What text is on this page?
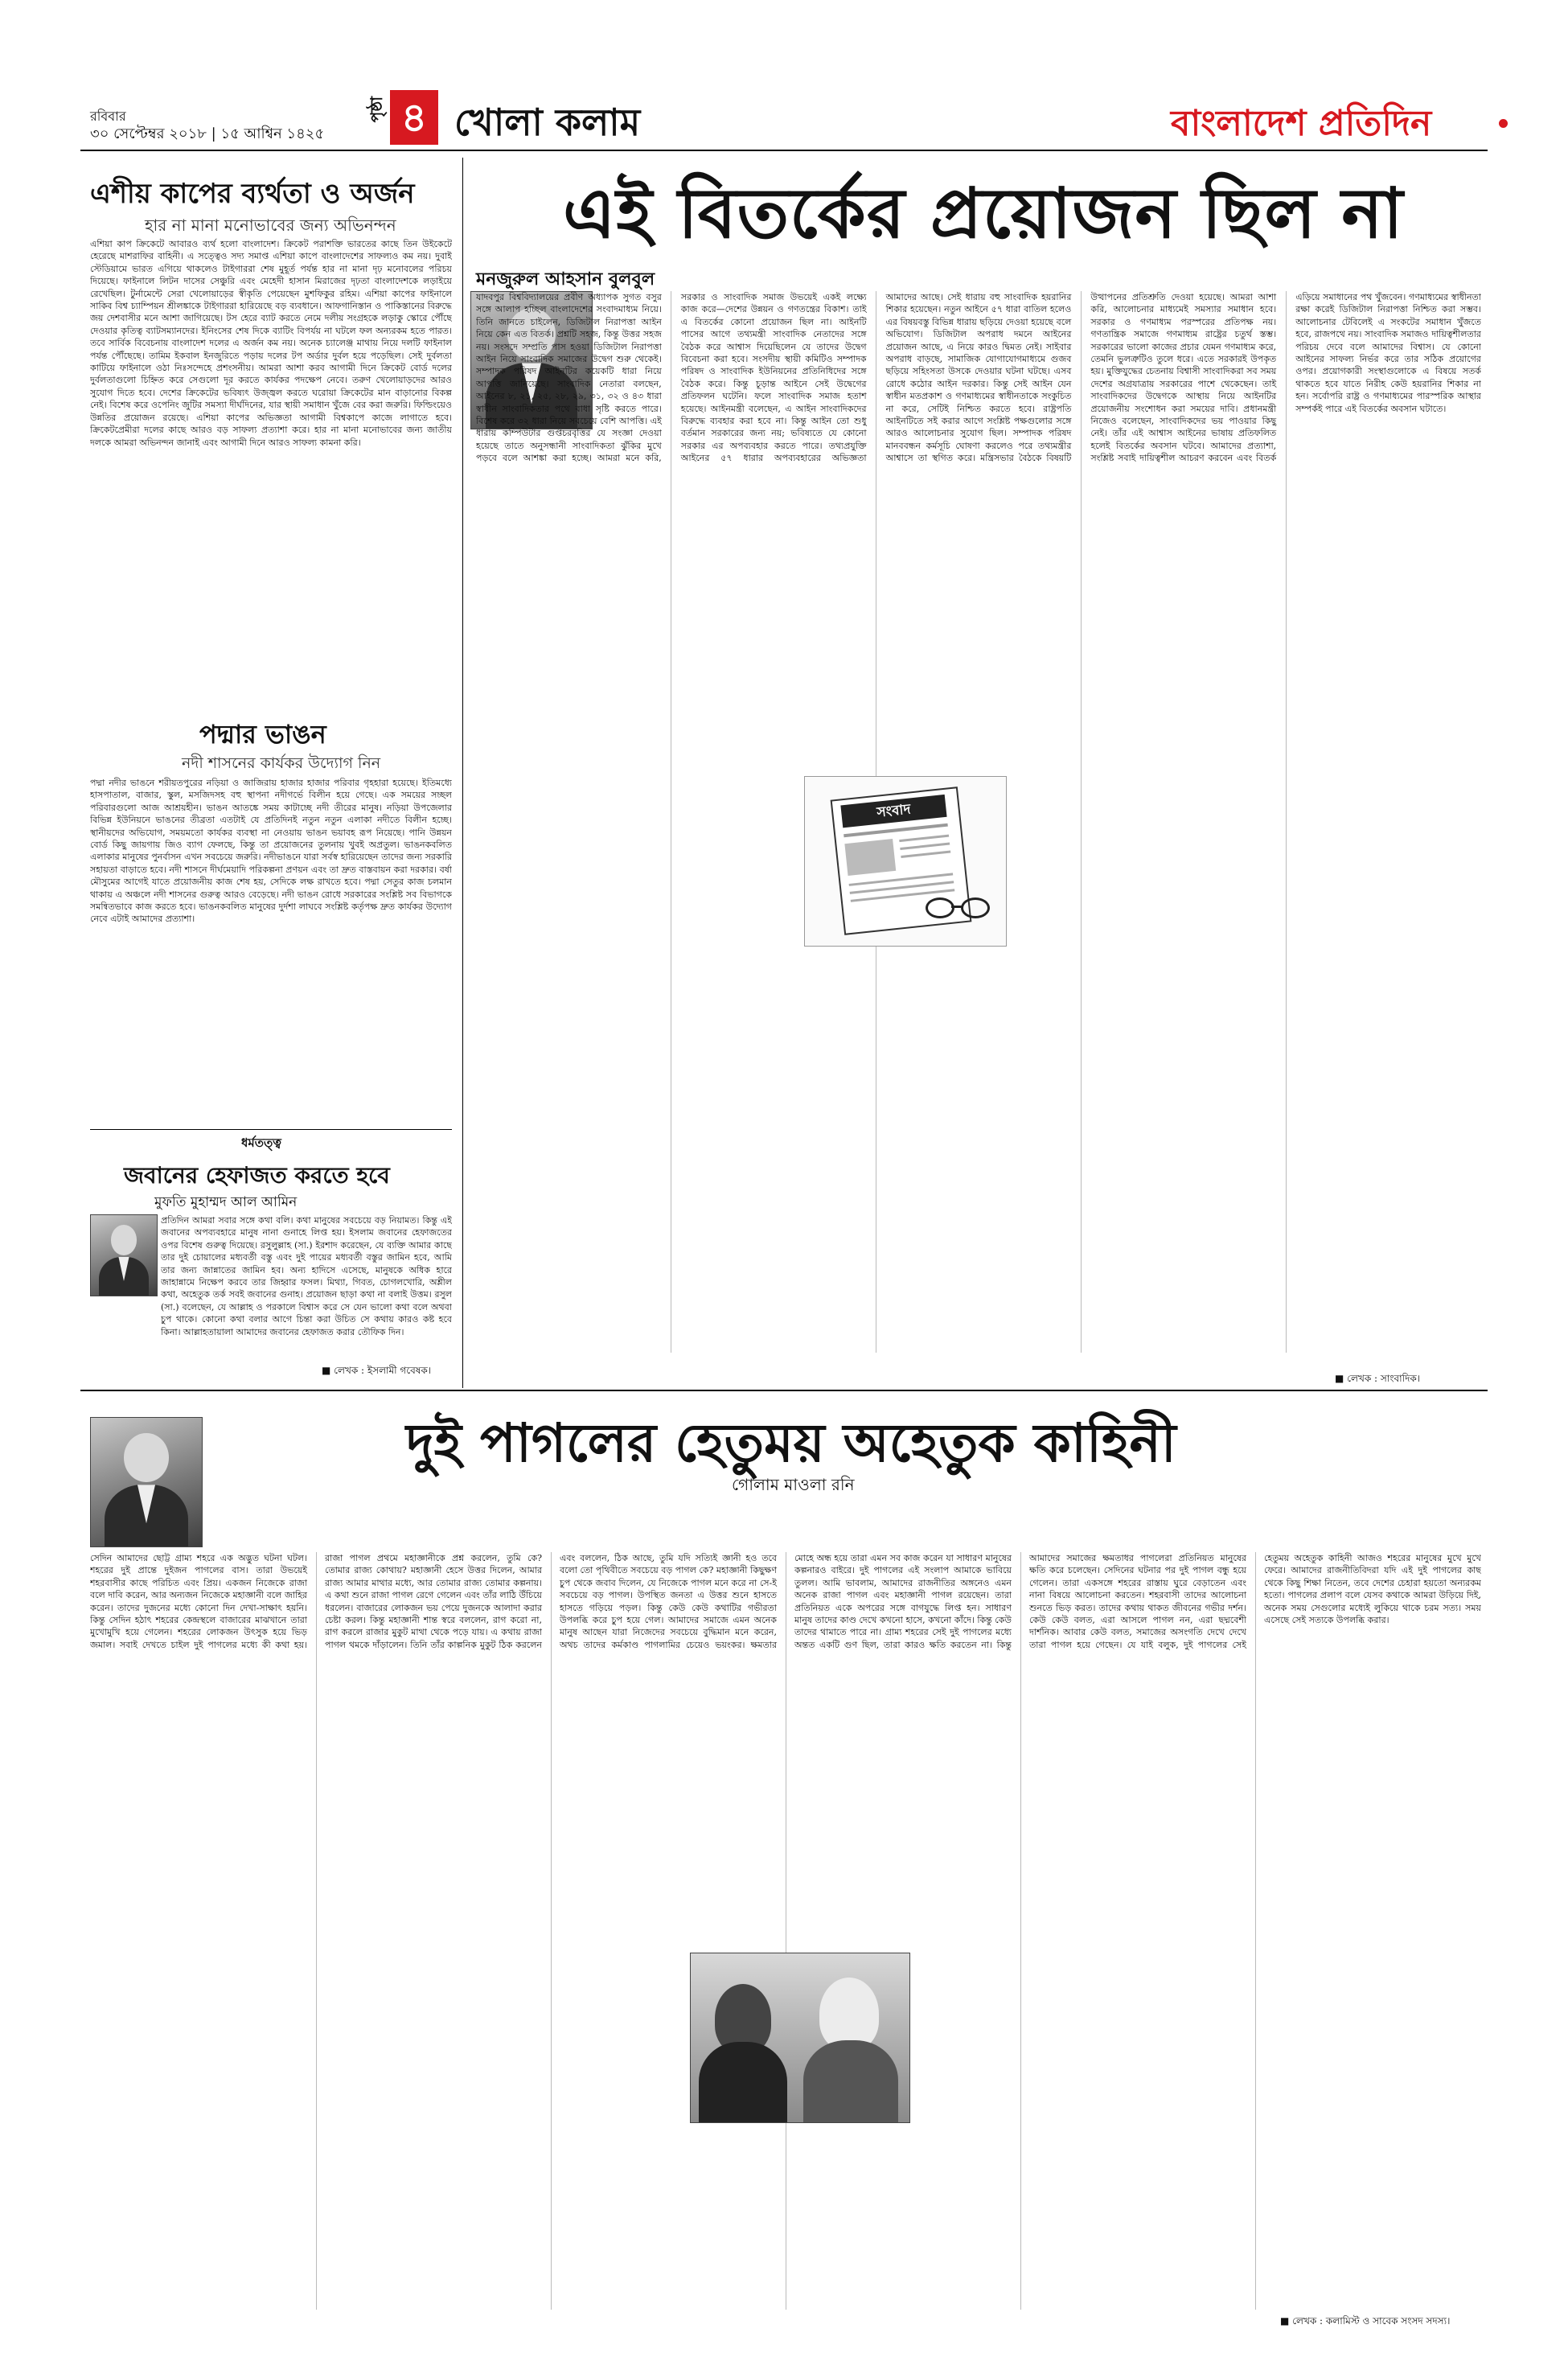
রবিবার
৩০ সেপ্টেম্বর ২০১৮ | ১৫ আশ্বিন ১৪২৫
পৃষ্ঠা ৪ খোলা কলাম	বাংলাদেশ প্রতিদিন
এশীয় কাপের ব্যর্থতা ও অর্জন
হার না মানা মনোভাবের জন্য অভিনন্দন
এশিয়া কাপ ক্রিকেটে আবারও ব্যর্থ হলো বাংলাদেশ। ক্রিকেট পরাশক্তি ভারতের কাছে তিন উইকেটে হেরেছে মাশরাফির বাহিনী। এ সত্ত্বেও সদ্য সমাপ্ত এশিয়া কাপে বাংলাদেশের সাফল্যও কম নয়। দুবাই স্টেডিয়ামে ভারত এগিয়ে থাকলেও টাইগাররা শেষ মুহূর্ত পর্যন্ত হার না মানা দৃঢ় মনোবলের পরিচয় দিয়েছে। ফাইনালে লিটন দাসের সেঞ্চুরি এবং মেহেদী হাসান মিরাজের দৃঢ়তা বাংলাদেশকে লড়াইয়ে রেখেছিল। টুর্নামেন্টে সেরা খেলোয়াড়ের স্বীকৃতি পেয়েছেন মুশফিকুর রহিম। এশিয়া কাপের ফাইনালে সাকিব বিশ্ব চ্যাম্পিয়ন শ্রীলঙ্কাকে টাইগাররা হারিয়েছে বড় ব্যবধানে। আফগানিস্তান ও পাকিস্তানের বিরুদ্ধে জয় দেশবাসীর মনে আশা জাগিয়েছে। টস হেরে ব্যাট করতে নেমে দলীয় সংগ্রহকে লড়াকু স্কোরে পৌঁছে দেওয়ার কৃতিত্ব ব্যাটসম্যানদের। ইনিংসের শেষ দিকে ব্যাটিং বিপর্যয় না ঘটলে ফল অন্যরকম হতে পারত। তবে সার্বিক বিবেচনায় বাংলাদেশ দলের এ অর্জন কম নয়। অনেক চ্যালেঞ্জ মাথায় নিয়ে দলটি ফাইনাল পর্যন্ত পৌঁছেছে। তামিম ইকবাল ইনজুরিতে পড়ায় দলের টপ অর্ডার দুর্বল হয়ে পড়েছিল। সেই দুর্বলতা কাটিয়ে ফাইনালে ওঠা নিঃসন্দেহে প্রশংসনীয়। আমরা আশা করব আগামী দিনে ক্রিকেট বোর্ড দলের দুর্বলতাগুলো চিহ্নিত করে সেগুলো দূর করতে কার্যকর পদক্ষেপ নেবে। তরুণ খেলোয়াড়দের আরও সুযোগ দিতে হবে। দেশের ক্রিকেটের ভবিষ্যৎ উজ্জ্বল করতে ঘরোয়া ক্রিকেটের মান বাড়ানোর বিকল্প নেই। বিশেষ করে ওপেনিং জুটির সমস্যা দীর্ঘদিনের, যার স্থায়ী সমাধান খুঁজে বের করা জরুরি। ফিল্ডিংয়েও উন্নতির প্রয়োজন রয়েছে। এশিয়া কাপের অভিজ্ঞতা আগামী বিশ্বকাপে কাজে লাগাতে হবে। ক্রিকেটপ্রেমীরা দলের কাছে আরও বড় সাফল্য প্রত্যাশা করে। হার না মানা মনোভাবের জন্য জাতীয় দলকে আমরা অভিনন্দন জানাই এবং আগামী দিনে আরও সাফল্য কামনা করি।
পদ্মার ভাঙন
নদী শাসনের কার্যকর উদ্যোগ নিন
পদ্মা নদীর ভাঙনে শরীয়তপুরের নড়িয়া ও জাজিরায় হাজার হাজার পরিবার গৃহহারা হয়েছে। ইতিমধ্যে হাসপাতাল, বাজার, স্কুল, মসজিদসহ বহু স্থাপনা নদীগর্ভে বিলীন হয়ে গেছে। এক সময়ের সচ্ছল পরিবারগুলো আজ আশ্রয়হীন। ভাঙন আতঙ্কে সময় কাটাচ্ছে নদী তীরের মানুষ। নড়িয়া উপজেলার বিভিন্ন ইউনিয়নে ভাঙনের তীব্রতা এতটাই যে প্রতিদিনই নতুন নতুন এলাকা নদীতে বিলীন হচ্ছে। স্থানীয়দের অভিযোগ, সময়মতো কার্যকর ব্যবস্থা না নেওয়ায় ভাঙন ভয়াবহ রূপ নিয়েছে। পানি উন্নয়ন বোর্ড কিছু জায়গায় জিও ব্যাগ ফেলছে, কিন্তু তা প্রয়োজনের তুলনায় খুবই অপ্রতুল। ভাঙনকবলিত এলাকার মানুষের পুনর্বাসন এখন সবচেয়ে জরুরি। নদীভাঙনে যারা সর্বস্ব হারিয়েছেন তাদের জন্য সরকারি সহায়তা বাড়াতে হবে। নদী শাসনে দীর্ঘমেয়াদি পরিকল্পনা প্রণয়ন এবং তা দ্রুত বাস্তবায়ন করা দরকার। বর্ষা মৌসুমের আগেই যাতে প্রয়োজনীয় কাজ শেষ হয়, সেদিকে লক্ষ রাখতে হবে। পদ্মা সেতুর কাজ চলমান থাকায় এ অঞ্চলে নদী শাসনের গুরুত্ব আরও বেড়েছে। নদী ভাঙন রোধে সরকারের সংশ্লিষ্ট সব বিভাগকে সমন্বিতভাবে কাজ করতে হবে। ভাঙনকবলিত মানুষের দুর্দশা লাঘবে সংশ্লিষ্ট কর্তৃপক্ষ দ্রুত কার্যকর উদ্যোগ নেবে এটাই আমাদের প্রত্যাশা।
ধর্মতত্ত্ব
জবানের হেফাজত করতে হবে
মুফতি মুহাম্মদ আল আমিন
প্রতিদিন আমরা সবার সঙ্গে কথা বলি। কথা মানুষের সবচেয়ে বড় নিয়ামত। কিন্তু এই জবানের অপব্যবহারে মানুষ নানা গুনাহে লিপ্ত হয়। ইসলাম জবানের হেফাজতের ওপর বিশেষ গুরুত্ব দিয়েছে। রসুলুল্লাহ (সা.) ইরশাদ করেছেন, যে ব্যক্তি আমার কাছে তার দুই চোয়ালের মধ্যবর্তী বস্তু এবং দুই পায়ের মধ্যবর্তী বস্তুর জামিন হবে, আমি তার জন্য জান্নাতের জামিন হব। অন্য হাদিসে এসেছে, মানুষকে অধিক হারে জাহান্নামে নিক্ষেপ করবে তার জিহ্বার ফসল। মিথ্যা, গিবত, চোগলখোরি, অশ্লীল কথা, অহেতুক তর্ক সবই জবানের গুনাহ। প্রয়োজন ছাড়া কথা না বলাই উত্তম। রসুল (সা.) বলেছেন, যে আল্লাহ ও পরকালে বিশ্বাস করে সে যেন ভালো কথা বলে অথবা চুপ থাকে। কোনো কথা বলার আগে চিন্তা করা উচিত সে কথায় কারও কষ্ট হবে কিনা। আল্লাহতায়ালা আমাদের জবানের হেফাজত করার তৌফিক দিন।
■ লেখক : ইসলামী গবেষক।
এই বিতর্কের প্রয়োজন ছিল না
মনজুরুল আহসান বুলবুল
যাদবপুর বিশ্ববিদ্যালয়ের প্রবীণ অধ্যাপক সুগত বসুর সঙ্গে আলাপ হচ্ছিল বাংলাদেশের সংবাদমাধ্যম নিয়ে। তিনি জানতে চাইলেন, ডিজিটাল নিরাপত্তা আইন নিয়ে কেন এত বিতর্ক। প্রশ্নটি সহজ, কিন্তু উত্তর সহজ নয়। সংসদে সম্প্রতি পাস হওয়া ডিজিটাল নিরাপত্তা আইন নিয়ে সাংবাদিক সমাজের উদ্বেগ শুরু থেকেই। সম্পাদক পরিষদ আইনটির কয়েকটি ধারা নিয়ে আপত্তি জানিয়েছে। সাংবাদিক নেতারা বলছেন, আইনের ৮, ২১, ২৫, ২৮, ২৯, ৩১, ৩২ ও ৪৩ ধারা স্বাধীন সাংবাদিকতার পথে বাধা সৃষ্টি করতে পারে। বিশেষ করে ৩২ ধারা নিয়ে সবচেয়ে বেশি আপত্তি। এই ধারায় কম্পিউটার গুপ্তচরবৃত্তির যে সংজ্ঞা দেওয়া হয়েছে তাতে অনুসন্ধানী সাংবাদিকতা ঝুঁকির মুখে পড়বে বলে আশঙ্কা করা হচ্ছে। আমরা মনে করি, সরকার ও সাংবাদিক সমাজ উভয়েই একই লক্ষ্যে কাজ করে—দেশের উন্নয়ন ও গণতন্ত্রের বিকাশ। তাই এ বিতর্কের কোনো প্রয়োজন ছিল না। আইনটি পাসের আগে তথ্যমন্ত্রী সাংবাদিক নেতাদের সঙ্গে বৈঠক করে আশ্বাস দিয়েছিলেন যে তাদের উদ্বেগ বিবেচনা করা হবে। সংসদীয় স্থায়ী কমিটিও সম্পাদক পরিষদ ও সাংবাদিক ইউনিয়নের প্রতিনিধিদের সঙ্গে বৈঠক করে। কিন্তু চূড়ান্ত আইনে সেই উদ্বেগের প্রতিফলন ঘটেনি। ফলে সাংবাদিক সমাজ হতাশ হয়েছে। আইনমন্ত্রী বলেছেন, এ আইন সাংবাদিকদের বিরুদ্ধে ব্যবহার করা হবে না। কিন্তু আইন তো শুধু বর্তমান সরকারের জন্য নয়; ভবিষ্যতে যে কোনো সরকার এর অপব্যবহার করতে পারে। তথ্যপ্রযুক্তি আইনের ৫৭ ধারার অপব্যবহারের অভিজ্ঞতা আমাদের আছে। সেই ধারায় বহু সাংবাদিক হয়রানির শিকার হয়েছেন। নতুন আইনে ৫৭ ধারা বাতিল হলেও এর বিষয়বস্তু বিভিন্ন ধারায় ছড়িয়ে দেওয়া হয়েছে বলে অভিযোগ। ডিজিটাল অপরাধ দমনে আইনের প্রয়োজন আছে, এ নিয়ে কারও দ্বিমত নেই। সাইবার অপরাধ বাড়ছে, সামাজিক যোগাযোগমাধ্যমে গুজব ছড়িয়ে সহিংসতা উসকে দেওয়ার ঘটনা ঘটছে। এসব রোধে কঠোর আইন দরকার। কিন্তু সেই আইন যেন স্বাধীন মতপ্রকাশ ও গণমাধ্যমের স্বাধীনতাকে সংকুচিত না করে, সেটিই নিশ্চিত করতে হবে। রাষ্ট্রপতি আইনটিতে সই করার আগে সংশ্লিষ্ট পক্ষগুলোর সঙ্গে আরও আলোচনার সুযোগ ছিল। সম্পাদক পরিষদ মানববন্ধন কর্মসূচি ঘোষণা করলেও পরে তথ্যমন্ত্রীর আশ্বাসে তা স্থগিত করে। মন্ত্রিসভার বৈঠকে বিষয়টি উত্থাপনের প্রতিশ্রুতি দেওয়া হয়েছে। আমরা আশা করি, আলোচনার মাধ্যমেই সমস্যার সমাধান হবে। সরকার ও গণমাধ্যম পরস্পরের প্রতিপক্ষ নয়। গণতান্ত্রিক সমাজে গণমাধ্যম রাষ্ট্রের চতুর্থ স্তম্ভ। সরকারের ভালো কাজের প্রচার যেমন গণমাধ্যম করে, তেমনি ভুলত্রুটিও তুলে ধরে। এতে সরকারই উপকৃত হয়। মুক্তিযুদ্ধের চেতনায় বিশ্বাসী সাংবাদিকরা সব সময় দেশের অগ্রযাত্রায় সরকারের পাশে থেকেছেন। তাই সাংবাদিকদের উদ্বেগকে আস্থায় নিয়ে আইনটির প্রয়োজনীয় সংশোধন করা সময়ের দাবি। প্রধানমন্ত্রী নিজেও বলেছেন, সাংবাদিকদের ভয় পাওয়ার কিছু নেই। তাঁর এই আশ্বাস আইনের ভাষায় প্রতিফলিত হলেই বিতর্কের অবসান ঘটবে। আমাদের প্রত্যাশা, সংশ্লিষ্ট সবাই দায়িত্বশীল আচরণ করবেন এবং বিতর্ক এড়িয়ে সমাধানের পথ খুঁজবেন। গণমাধ্যমের স্বাধীনতা রক্ষা করেই ডিজিটাল নিরাপত্তা নিশ্চিত করা সম্ভব। আলোচনার টেবিলেই এ সংকটের সমাধান খুঁজতে হবে, রাজপথে নয়। সাংবাদিক সমাজও দায়িত্বশীলতার পরিচয় দেবে বলে আমাদের বিশ্বাস। যে কোনো আইনের সাফল্য নির্ভর করে তার সঠিক প্রয়োগের ওপর। প্রয়োগকারী সংস্থাগুলোকে এ বিষয়ে সতর্ক থাকতে হবে যাতে নিরীহ কেউ হয়রানির শিকার না হন। সর্বোপরি রাষ্ট্র ও গণমাধ্যমের পারস্পরিক আস্থার সম্পর্কই পারে এই বিতর্কের অবসান ঘটাতে।
সংবাদ
■ লেখক : সাংবাদিক।
দুই পাগলের হেতুময় অহেতুক কাহিনী
গোলাম মাওলা রনি
সেদিন আমাদের ছোট্ট গ্রাম্য শহরে এক অদ্ভুত ঘটনা ঘটল। শহরের দুই প্রান্তে দুইজন পাগলের বাস। তারা উভয়েই শহরবাসীর কাছে পরিচিত এবং প্রিয়। একজন নিজেকে রাজা বলে দাবি করেন, আর অন্যজন নিজেকে মহাজ্ঞানী বলে জাহির করেন। তাদের দুজনের মধ্যে কোনো দিন দেখা-সাক্ষাৎ হয়নি। কিন্তু সেদিন হঠাৎ শহরের কেন্দ্রস্থলে বাজারের মাঝখানে তারা মুখোমুখি হয়ে গেলেন। শহরের লোকজন উৎসুক হয়ে ভিড় জমাল। সবাই দেখতে চাইল দুই পাগলের মধ্যে কী কথা হয়। রাজা পাগল প্রথমে মহাজ্ঞানীকে প্রশ্ন করলেন, তুমি কে? তোমার রাজ্য কোথায়? মহাজ্ঞানী হেসে উত্তর দিলেন, আমার রাজ্য আমার মাথার মধ্যে, আর তোমার রাজ্য তোমার কল্পনায়। এ কথা শুনে রাজা পাগল রেগে গেলেন এবং তাঁর লাঠি উঁচিয়ে ধরলেন। বাজারের লোকজন ভয় পেয়ে দুজনকে আলাদা করার চেষ্টা করল। কিন্তু মহাজ্ঞানী শান্ত স্বরে বললেন, রাগ করো না, রাগ করলে রাজার মুকুট মাথা থেকে পড়ে যায়। এ কথায় রাজা পাগল থমকে দাঁড়ালেন। তিনি তাঁর কাল্পনিক মুকুট ঠিক করলেন এবং বললেন, ঠিক আছে, তুমি যদি সত্যিই জ্ঞানী হও তবে বলো তো পৃথিবীতে সবচেয়ে বড় পাগল কে? মহাজ্ঞানী কিছুক্ষণ চুপ থেকে জবাব দিলেন, যে নিজেকে পাগল মনে করে না সে-ই সবচেয়ে বড় পাগল। উপস্থিত জনতা এ উত্তর শুনে হাসতে হাসতে গড়িয়ে পড়ল। কিন্তু কেউ কেউ কথাটির গভীরতা উপলব্ধি করে চুপ হয়ে গেল। আমাদের সমাজে এমন অনেক মানুষ আছেন যারা নিজেদের সবচেয়ে বুদ্ধিমান মনে করেন, অথচ তাদের কর্মকাণ্ড পাগলামির চেয়েও ভয়ংকর। ক্ষমতার মোহে অন্ধ হয়ে তারা এমন সব কাজ করেন যা সাধারণ মানুষের কল্পনারও বাইরে। দুই পাগলের এই সংলাপ আমাকে ভাবিয়ে তুলল। আমি ভাবলাম, আমাদের রাজনীতির অঙ্গনেও এমন অনেক রাজা পাগল এবং মহাজ্ঞানী পাগল রয়েছেন। তারা প্রতিনিয়ত একে অপরের সঙ্গে বাগযুদ্ধে লিপ্ত হন। সাধারণ মানুষ তাদের কাণ্ড দেখে কখনো হাসে, কখনো কাঁদে। কিন্তু কেউ তাদের থামাতে পারে না। গ্রাম্য শহরের সেই দুই পাগলের মধ্যে অন্তত একটি গুণ ছিল, তারা কারও ক্ষতি করতেন না। কিন্তু আমাদের সমাজের ক্ষমতাধর পাগলেরা প্রতিনিয়ত মানুষের ক্ষতি করে চলেছেন। সেদিনের ঘটনার পর দুই পাগল বন্ধু হয়ে গেলেন। তারা একসঙ্গে শহরের রাস্তায় ঘুরে বেড়াতেন এবং নানা বিষয়ে আলোচনা করতেন। শহরবাসী তাদের আলোচনা শুনতে ভিড় করত। তাদের কথায় থাকত জীবনের গভীর দর্শন। কেউ কেউ বলত, এরা আসলে পাগল নন, এরা ছদ্মবেশী দার্শনিক। আবার কেউ বলত, সমাজের অসংগতি দেখে দেখে তারা পাগল হয়ে গেছেন। যে যাই বলুক, দুই পাগলের সেই হেতুময় অহেতুক কাহিনী আজও শহরের মানুষের মুখে মুখে ফেরে। আমাদের রাজনীতিবিদরা যদি এই দুই পাগলের কাছ থেকে কিছু শিক্ষা নিতেন, তবে দেশের চেহারা হয়তো অন্যরকম হতো। পাগলের প্রলাপ বলে যেসব কথাকে আমরা উড়িয়ে দিই, অনেক সময় সেগুলোর মধ্যেই লুকিয়ে থাকে চরম সত্য। সময় এসেছে সেই সত্যকে উপলব্ধি করার।
■ লেখক : কলামিস্ট ও সাবেক সংসদ সদস্য।
